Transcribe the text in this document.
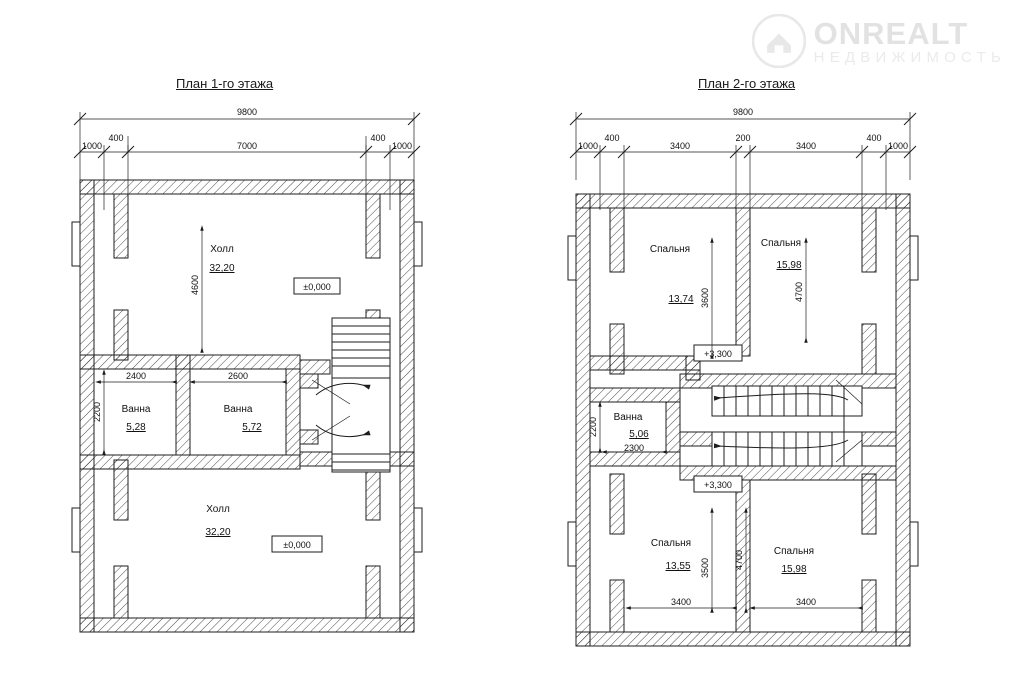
ONREALT
НЕДВИЖИМОСТЬ
План 1-го этажа	План 2-го этажа
9800
1000
400
7000
400
1000
Холл
32,20
Ванна
5,28
Ванна
5,72
Холл
32,20
±0,000
±0,000
4600
2400	2600
2200
9800
1000
400
3400
200
3400
400
1000
Спальня
13,74
Спальня
15,98
Ванна
5,06
Спальня
13,55
Спальня
15,98
+3,300
+3,300
3600	4700
2200
2300
3500	4700
3400	3400
